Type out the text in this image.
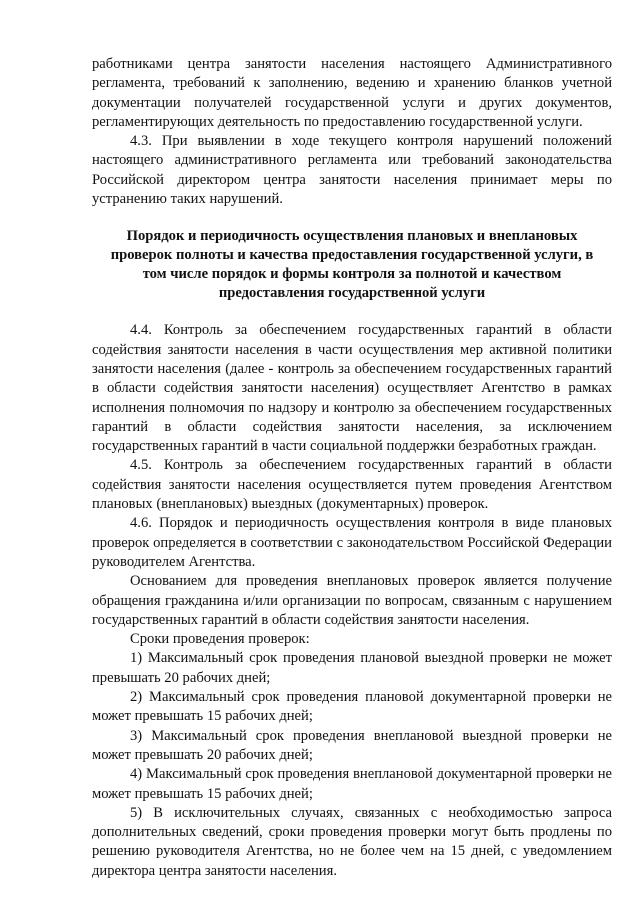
работниками центра занятости населения настоящего Административного регламента, требований к заполнению, ведению и хранению бланков учетной документации получателей государственной услуги и других документов, регламентирующих деятельность по предоставлению государственной услуги.

4.3. При выявлении в ходе текущего контроля нарушений положений настоящего административного регламента или требований законодательства Российской директором центра занятости населения принимает меры по устранению таких нарушений.

Порядок и периодичность осуществления плановых и внеплановых проверок полноты и качества предоставления государственной услуги, в том числе порядок и формы контроля за полнотой и качеством предоставления государственной услуги

4.4. Контроль за обеспечением государственных гарантий в области содействия занятости населения в части осуществления мер активной политики занятости населения (далее - контроль за обеспечением государственных гарантий в области содействия занятости населения) осуществляет Агентство в рамках исполнения полномочия по надзору и контролю за обеспечением государственных гарантий в области содействия занятости населения, за исключением государственных гарантий в части социальной поддержки безработных граждан.

4.5. Контроль за обеспечением государственных гарантий в области содействия занятости населения осуществляется путем проведения Агентством плановых (внеплановых) выездных (документарных) проверок.

4.6. Порядок и периодичность осуществления контроля в виде плановых проверок определяется в соответствии с законодательством Российской Федерации руководителем Агентства.

Основанием для проведения внеплановых проверок является получение обращения гражданина и/или организации по вопросам, связанным с нарушением государственных гарантий в области содействия занятости населения.

Сроки проведения проверок:

1) Максимальный срок проведения плановой выездной проверки не может превышать 20 рабочих дней;

2) Максимальный срок проведения плановой документарной проверки не может превышать 15 рабочих дней;

3) Максимальный срок проведения внеплановой выездной проверки не может превышать 20 рабочих дней;

4) Максимальный срок проведения внеплановой документарной проверки не может превышать 15 рабочих дней;

5) В исключительных случаях, связанных с необходимостью запроса дополнительных сведений, сроки проведения проверки могут быть продлены по решению руководителя Агентства, но не более чем на 15 дней, с уведомлением директора центра занятости населения.
